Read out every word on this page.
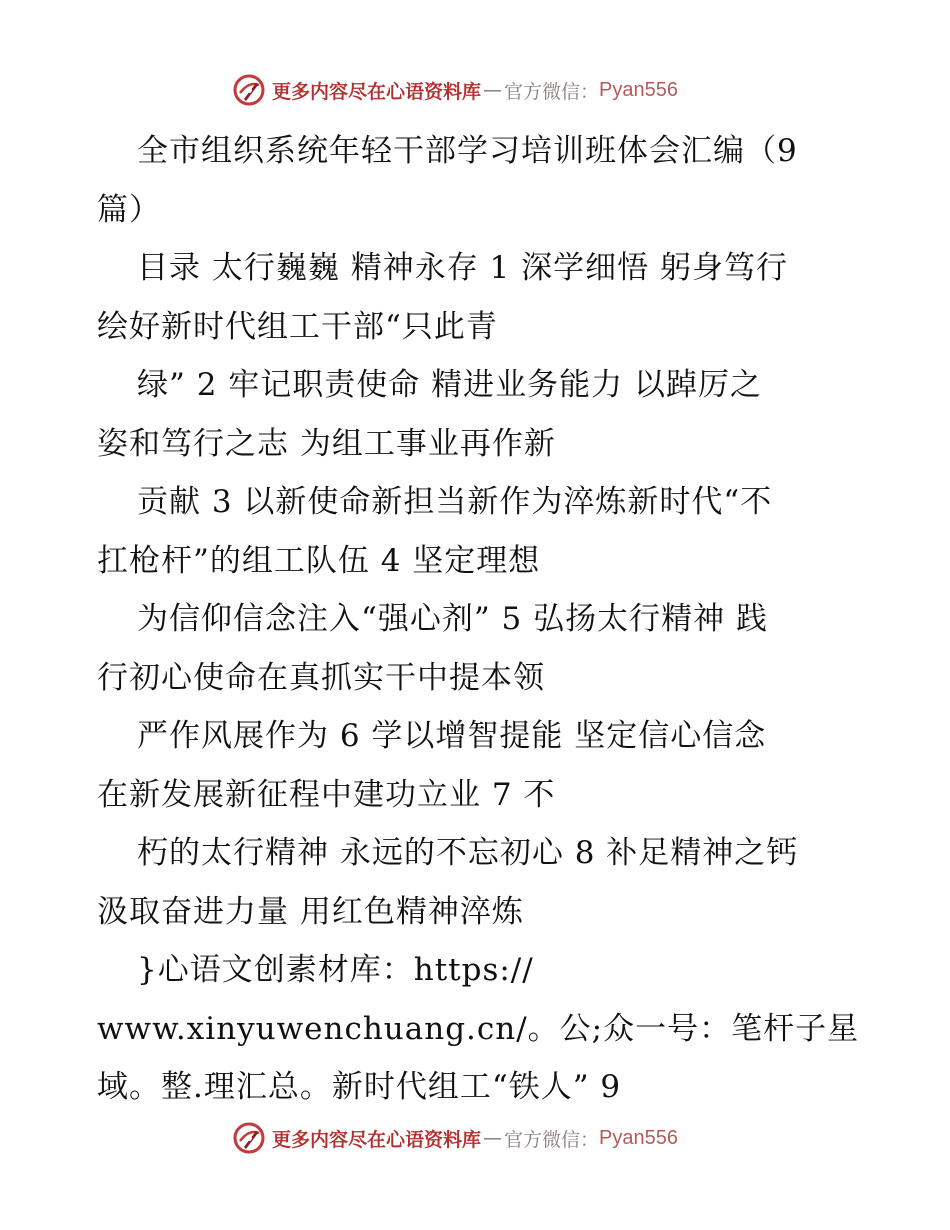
更多内容尽在心语资料库 — 官方微信： Pyan556

全市组织系统年轻干部学习培训班体会汇编（9

篇）

目录 太行巍巍 精神永存 1 深学细悟 躬身笃行

绘好新时代组工干部“只此青

绿” 2 牢记职责使命 精进业务能力 以踔厉之

姿和笃行之志 为组工事业再作新

贡献 3 以新使命新担当新作为淬炼新时代“不

扛枪杆”的组工队伍 4 坚定理想

为信仰信念注入“强心剂” 5 弘扬太行精神 践

行初心使命在真抓实干中提本领

严作风展作为 6 学以增智提能 坚定信心信念

在新发展新征程中建功立业 7 不

朽的太行精神 永远的不忘初心 8 补足精神之钙

汲取奋进力量 用红色精神淬炼

}心语文创素材库：https://

www.xinyuwenchuang.cn/。公;众一号：笔杆子星

域。整.理汇总。新时代组工“铁人” 9

更多内容尽在心语资料库 — 官方微信： Pyan556
